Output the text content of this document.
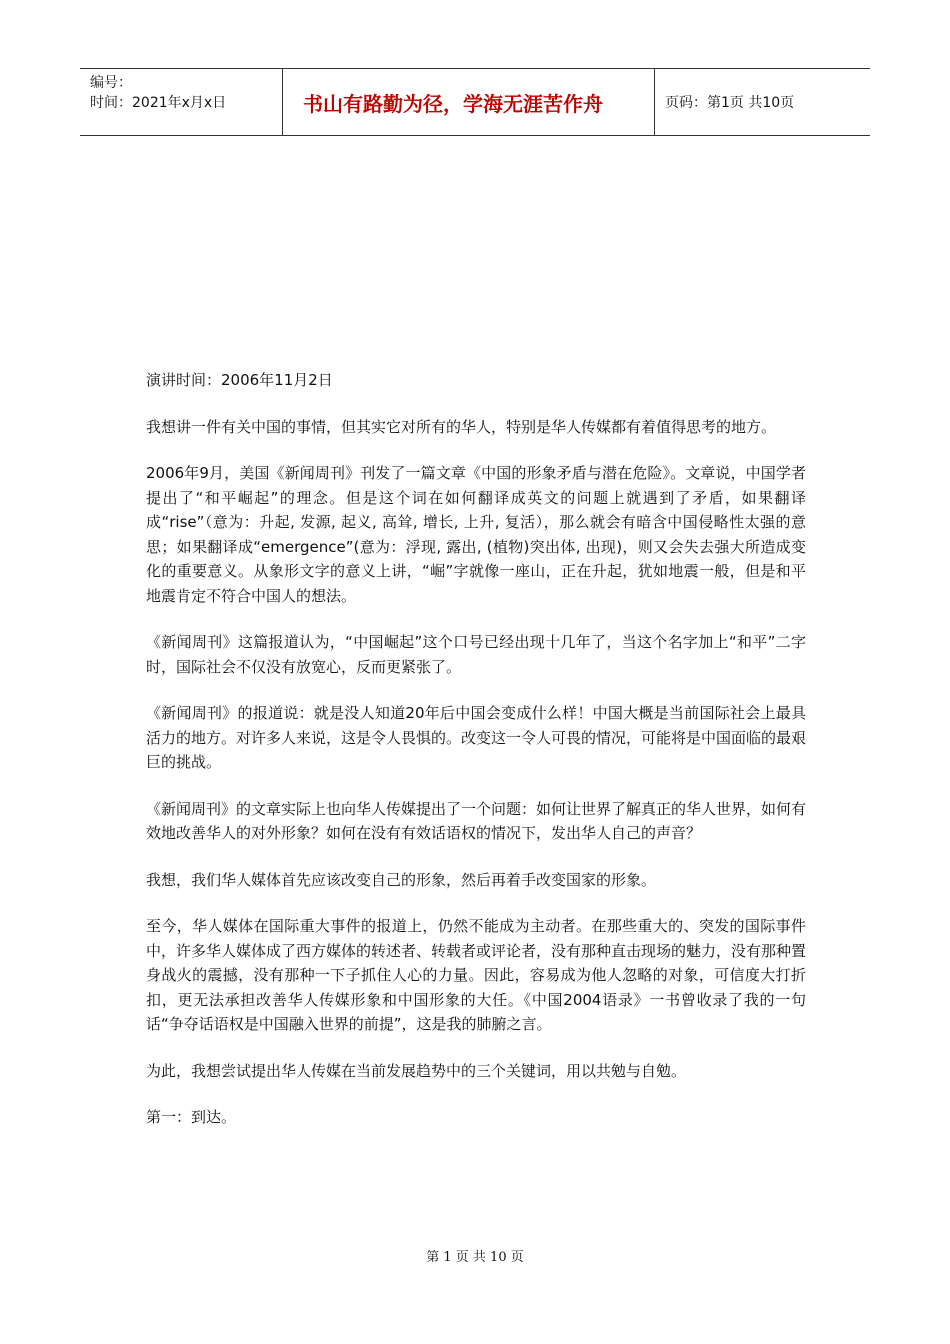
编号：
时间：2021年x月x日	书山有路勤为径，学海无涯苦作舟	页码：第1页 共10页

演讲时间：2006年11月2日

我想讲一件有关中国的事情，但其实它对所有的华人，特别是华人传媒都有着值得思考的地方。

2006年9月，美国《新闻周刊》刊发了一篇文章《中国的形象矛盾与潜在危险》。文章说，中国学者提出了“和平崛起”的理念。但是这个词在如何翻译成英文的问题上就遇到了矛盾，如果翻译成“rise”（意为：升起, 发源, 起义, 高耸, 增长, 上升, 复活），那么就会有暗含中国侵略性太强的意思；如果翻译成“emergence”(意为：浮现, 露出, (植物)突出体, 出现)，则又会失去强大所造成变化的重要意义。从象形文字的意义上讲，“崛”字就像一座山，正在升起，犹如地震一般，但是和平地震肯定不符合中国人的想法。

《新闻周刊》这篇报道认为，“中国崛起”这个口号已经出现十几年了，当这个名字加上“和平”二字时，国际社会不仅没有放宽心，反而更紧张了。

《新闻周刊》的报道说：就是没人知道20年后中国会变成什么样！中国大概是当前国际社会上最具活力的地方。对许多人来说，这是令人畏惧的。改变这一令人可畏的情况，可能将是中国面临的最艰巨的挑战。

《新闻周刊》的文章实际上也向华人传媒提出了一个问题：如何让世界了解真正的华人世界，如何有效地改善华人的对外形象？如何在没有有效话语权的情况下，发出华人自己的声音？

我想，我们华人媒体首先应该改变自己的形象，然后再着手改变国家的形象。

至今，华人媒体在国际重大事件的报道上，仍然不能成为主动者。在那些重大的、突发的国际事件中，许多华人媒体成了西方媒体的转述者、转载者或评论者，没有那种直击现场的魅力，没有那种置身战火的震撼，没有那种一下子抓住人心的力量。因此，容易成为他人忽略的对象，可信度大打折扣，更无法承担改善华人传媒形象和中国形象的大任。《中国2004语录》一书曾收录了我的一句话“争夺话语权是中国融入世界的前提”，这是我的肺腑之言。

为此，我想尝试提出华人传媒在当前发展趋势中的三个关键词，用以共勉与自勉。

第一：到达。

第 1 页 共 10 页
